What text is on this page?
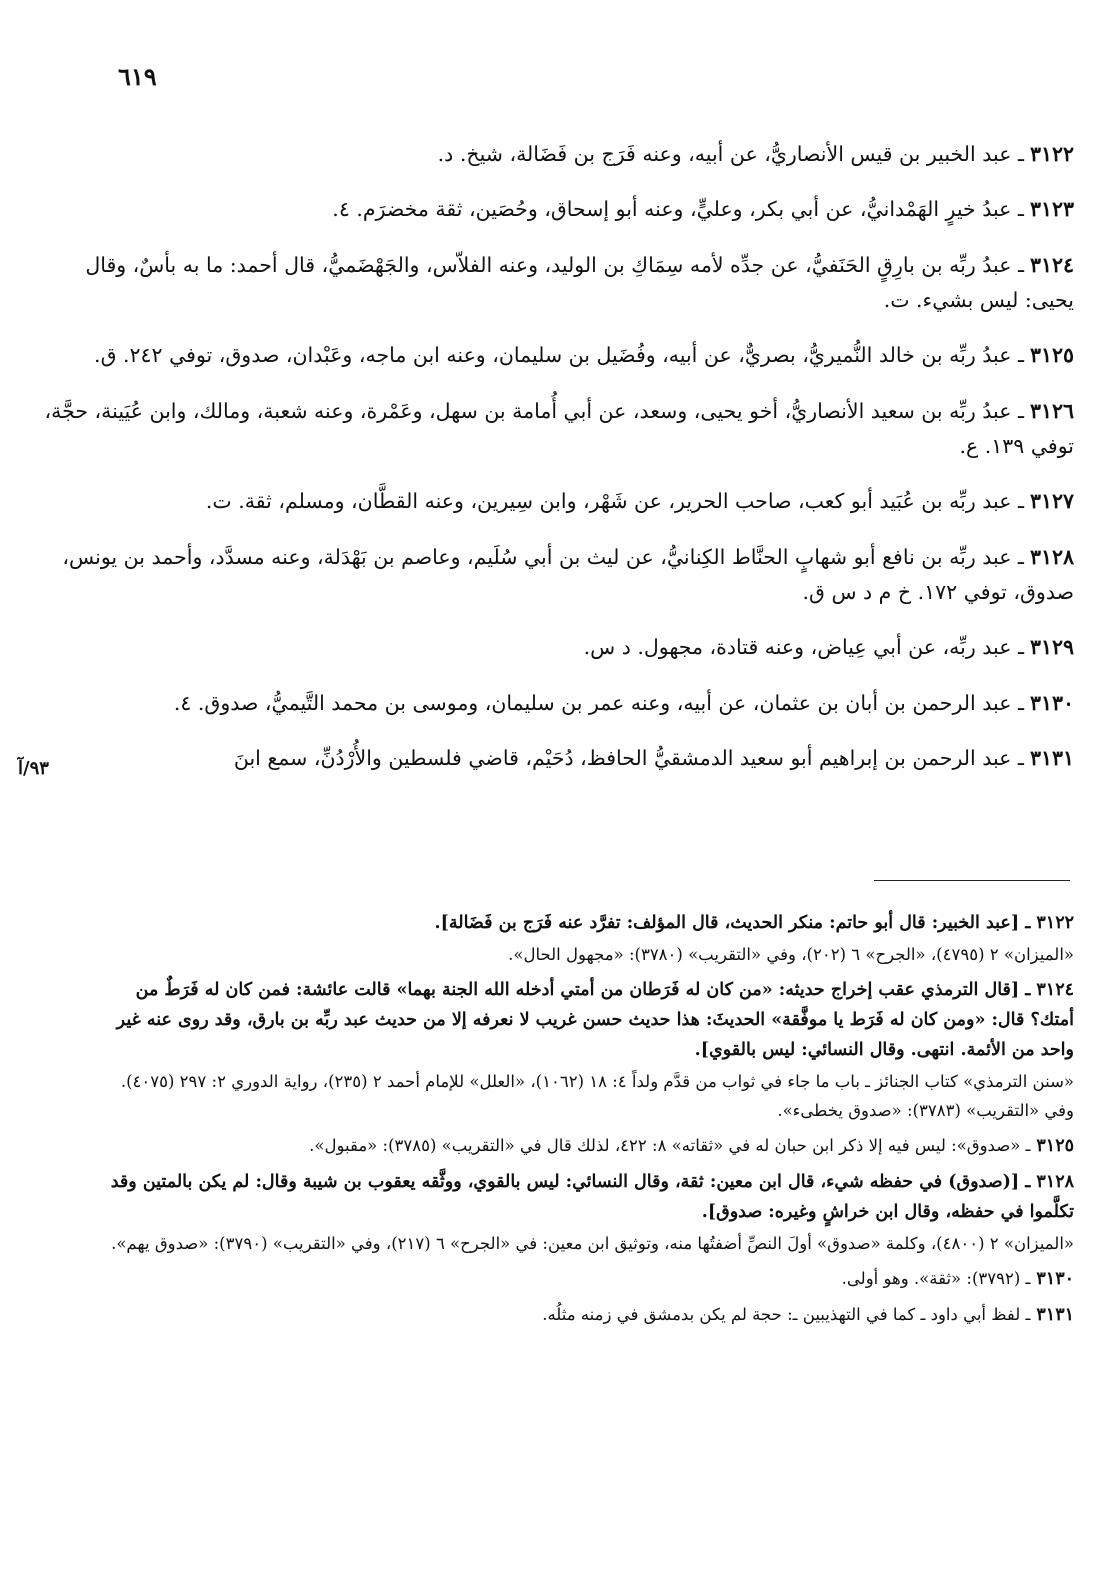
٦١٩

٣١٢٢ـ عبد الخبير بن قيس الأنصاريُّ، عن أبيه، وعنه فَرَج بن فَضَالة، شيخ. د.

٣١٢٣ـ عبدُ خيرٍ الهَمْدانيُّ، عن أبي بكر، وعليٍّ، وعنه أبو إسحاق، وحُصَين، ثقة مخضرَم. ٤.

٣١٢٤ـ عبدُ ربِّه بن بارِقٍ الحَنَفيُّ، عن جدِّه لأمه سِمَاكِ بن الوليد، وعنه الفلاّس، والجَهْضَميُّ، قال أحمد: ما به بأسٌ، وقال يحيى: ليس بشيء. ت.

٣١٢٥ـ عبدُ ربِّه بن خالد النُّميريُّ، بصريٌّ، عن أبيه، وفُضَيل بن سليمان، وعنه ابن ماجه، وعَبْدان، صدوق، توفي ٢٤٢. ق.

٣١٢٦ـ عبدُ ربِّه بن سعيد الأنصاريُّ، أخو يحيى، وسعد، عن أبي أُمامة بن سهل، وعَمْرة، وعنه شعبة، ومالك، وابن عُيَينة، حجَّة، توفي ١٣٩. ع.

٣١٢٧ـ عبد ربِّه بن عُبَيد أبو كعب، صاحب الحرير، عن شَهْر، وابن سِيرين، وعنه القطَّان، ومسلم، ثقة. ت.

٣١٢٨ـ عبد ربِّه بن نافع أبو شهابٍ الحنَّاط الكِنانيُّ، عن ليث بن أبي سُلَيم، وعاصم بن بَهْدَلة، وعنه مسدَّد، وأحمد بن يونس، صدوق، توفي ١٧٢. خ م د س ق.

٣١٢٩ـ عبد ربِّه، عن أبي عِياض، وعنه قتادة، مجهول. د س.

٣١٣٠ـ عبد الرحمن بن أبان بن عثمان، عن أبيه، وعنه عمر بن سليمان، وموسى بن محمد التَّيميُّ، صدوق. ٤.

٣١٣١ـ عبد الرحمن بن إبراهيم أبو سعيد الدمشقيُّ الحافظ، دُحَيْم، قاضي فلسطين والأُرْدُنِّ، سمع ابنَ

٩٣/آ
٣١٢٢ـ [عبد الخبير: قال أبو حاتم: منكر الحديث، قال المؤلف: تفرَّد عنه فَرَج بن فَضَالة].
«الميزان» ٢ (٤٧٩٥)، «الجرح» ٦ (٢٠٢)، وفي «التقريب» (٣٧٨٠): «مجهول الحال».
٣١٢٤ـ [قال الترمذي عقب إخراج حديثه: «من كان له فَرَطان من أمتي أدخله الله الجنة بهما» قالت عائشة: فمن كان له فَرَطٌ من أمتك؟ قال: «ومن كان له فَرَط يا موفَّقة» الحديثَ: هذا حديث حسن غريب لا نعرفه إلا من حديث عبد ربِّه بن بارق، وقد روى عنه غير واحد من الأئمة. انتهى. وقال النسائي: ليس بالقوي].
«سنن الترمذي» كتاب الجنائز ـ باب ما جاء في ثواب من قدَّم ولداً ٤: ١٨ (١٠٦٢)، «العلل» للإمام أحمد ٢ (٢٣٥)، رواية الدوري ٢: ٢٩٧ (٤٠٧٥). وفي «التقريب» (٣٧٨٣): «صدوق يخطىء».
٣١٢٥ـ «صدوق»: ليس فيه إلا ذكر ابن حبان له في «ثقاته» ٨: ٤٢٢، لذلك قال في «التقريب» (٣٧٨٥): «مقبول».
٣١٢٨ـ [(صدوق) في حفظه شيء، قال ابن معين: ثقة، وقال النسائي: ليس بالقوي، ووثَّقه يعقوب بن شيبة وقال: لم يكن بالمتين وقد تكلَّموا في حفظه، وقال ابن خراشٍ وغيره: صدوق].
«الميزان» ٢ (٤٨٠٠)، وكلمة «صدوق» أولَ النصِّ أضفتُها منه، وتوثيق ابن معين: في «الجرح» ٦ (٢١٧)، وفي «التقريب» (٣٧٩٠): «صدوق يهم».
٣١٣٠ـ (٣٧٩٢): «ثقة». وهو أولى.
٣١٣١ـ لفظ أبي داود ـ كما في التهذيبين ـ: حجة لم يكن بدمشق في زمنه مثلُه.
